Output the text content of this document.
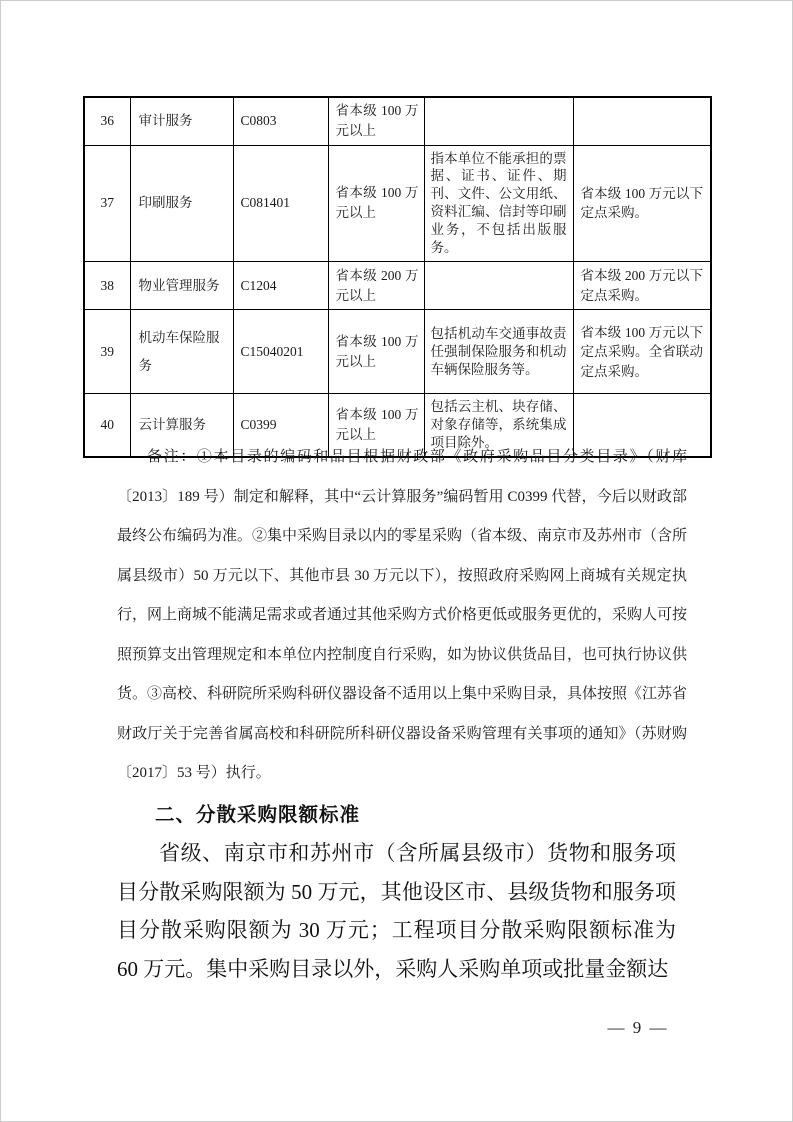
36	审计服务	C0803	省本级 100 万元以上		
37	印刷服务	C081401	省本级 100 万元以上	指本单位不能承担的票据、证书、证件、期刊、文件、公文用纸、资料汇编、信封等印刷业务，不包括出版服务。	省本级 100 万元以下定点采购。
38	物业管理服务	C1204	省本级 200 万元以上		省本级 200 万元以下定点采购。
39	机动车保险服务	C15040201	省本级 100 万元以上	包括机动车交通事故责任强制保险服务和机动车辆保险服务等。	省本级 100 万元以下定点采购。全省联动定点采购。
40	云计算服务	C0399	省本级 100 万元以上	包括云主机、块存储、对象存储等，系统集成项目除外。	

备注：①本目录的编码和品目根据财政部《政府采购品目分类目录》（财库〔2013〕189 号）制定和解释，其中“云计算服务”编码暂用 C0399 代替，今后以财政部最终公布编码为准。②集中采购目录以内的零星采购（省本级、南京市及苏州市（含所属县级市）50 万元以下、其他市县 30 万元以下），按照政府采购网上商城有关规定执行，网上商城不能满足需求或者通过其他采购方式价格更低或服务更优的，采购人可按照预算支出管理规定和本单位内控制度自行采购，如为协议供货品目，也可执行协议供货。③高校、科研院所采购科研仪器设备不适用以上集中采购目录，具体按照《江苏省财政厅关于完善省属高校和科研院所科研仪器设备采购管理有关事项的通知》（苏财购〔2017〕53 号）执行。

二、分散采购限额标准

省级、南京市和苏州市（含所属县级市）货物和服务项目分散采购限额为 50 万元，其他设区市、县级货物和服务项目分散采购限额为 30 万元；工程项目分散采购限额标准为 60 万元。集中采购目录以外，采购人采购单项或批量金额达

— 9 —
